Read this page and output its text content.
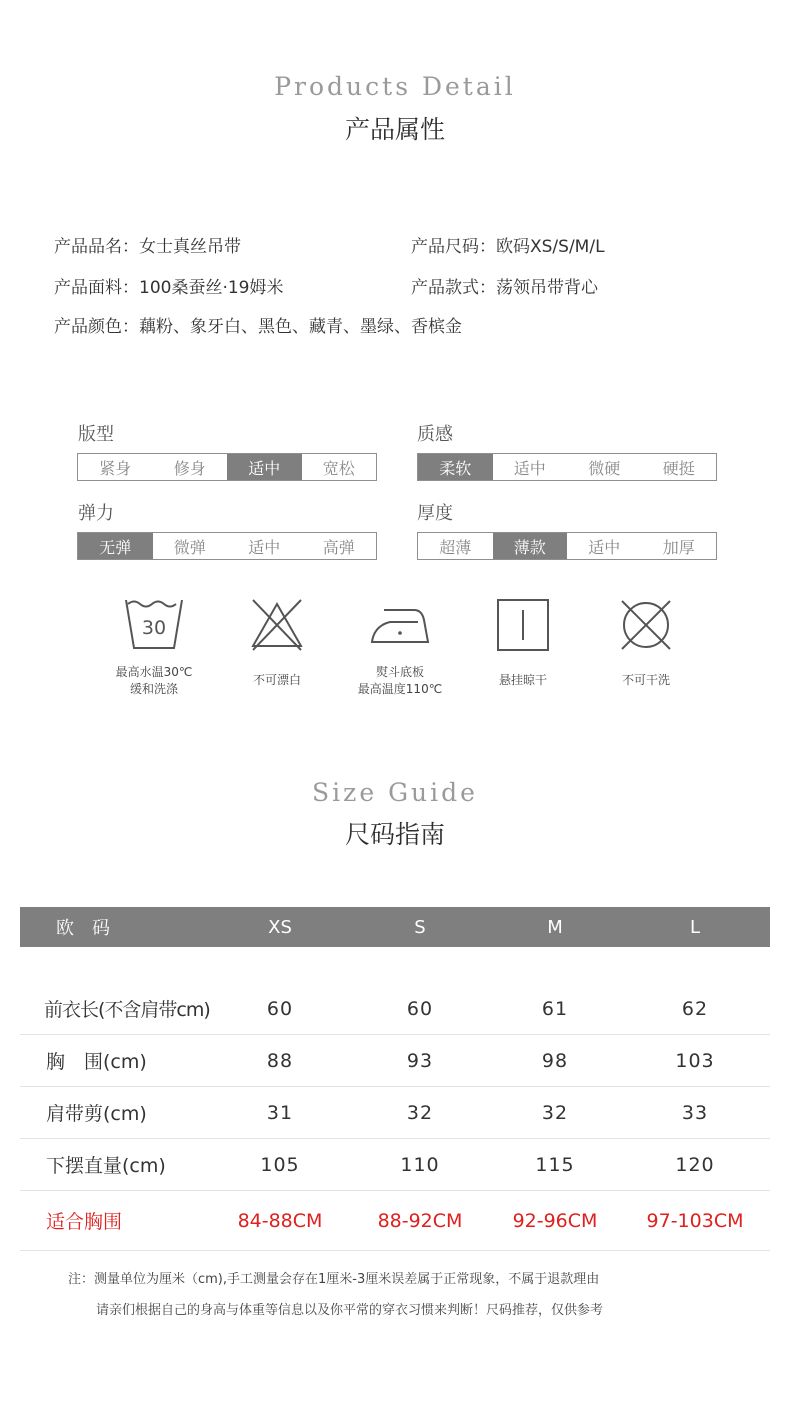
Products Detail
产品属性
产品品名：女士真丝吊带	产品尺码：欧码XS/S/M/L
产品面料：100桑蚕丝·19姆米	产品款式：荡领吊带背心
产品颜色：藕粉、象牙白、黑色、藏青、墨绿、香槟金
版型
紧身	修身	适中	宽松
质感
柔软	适中	微硬	硬挺
弹力
无弹	微弹	适中	高弹
厚度
超薄	薄款	适中	加厚
30
最高水温30℃
缓和洗涤
不可漂白
熨斗底板
最高温度110℃
悬挂晾干	不可干洗
Size Guide
尺码指南
欧　码	XS	S	M	L
前衣长(不含肩带cm)	60	60	61	62
胸　围(cm)	88	93	98	103
肩带剪(cm)	31	32	32	33
下摆直量(cm)	105	110	115	120
适合胸围	84-88CM	88-92CM	92-96CM	97-103CM
注：测量单位为厘米（cm),手工测量会存在1厘米-3厘米误差属于正常现象，不属于退款理由
请亲们根据自己的身高与体重等信息以及你平常的穿衣习惯来判断！尺码推荐，仅供参考
